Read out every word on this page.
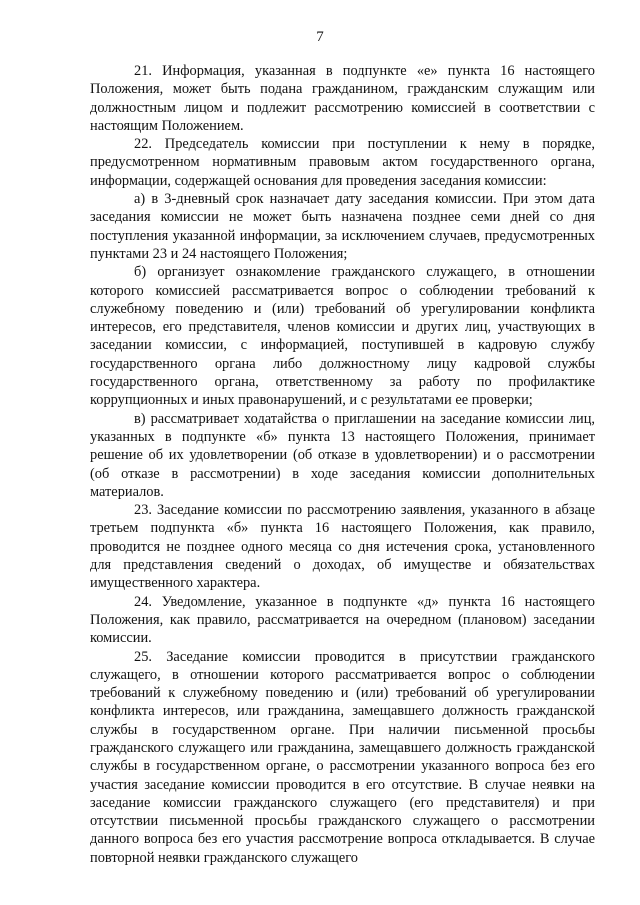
7

21. Информация, указанная в подпункте «е» пункта 16 настоящего Положения, может быть подана гражданином, гражданским служащим или должностным лицом и подлежит рассмотрению комиссией в соответствии с настоящим Положением.

22. Председатель комиссии при поступлении к нему в порядке, предусмотренном нормативным правовым актом государственного органа, информации, содержащей основания для проведения заседания комиссии:

а) в 3-дневный срок назначает дату заседания комиссии. При этом дата заседания комиссии не может быть назначена позднее семи дней со дня поступления указанной информации, за исключением случаев, предусмотренных пунктами 23 и 24 настоящего Положения;

б) организует ознакомление гражданского служащего, в отношении которого комиссией рассматривается вопрос о соблюдении требований к служебному поведению и (или) требований об урегулировании конфликта интересов, его представителя, членов комиссии и других лиц, участвующих в заседании комиссии, с информацией, поступившей в кадровую службу государственного органа либо должностному лицу кадровой службы государственного органа, ответственному за работу по профилактике коррупционных и иных правонарушений, и с результатами ее проверки;

в) рассматривает ходатайства о приглашении на заседание комиссии лиц, указанных в подпункте «б» пункта 13 настоящего Положения, принимает решение об их удовлетворении (об отказе в удовлетворении) и о рассмотрении (об отказе в рассмотрении) в ходе заседания комиссии дополнительных материалов.

23. Заседание комиссии по рассмотрению заявления, указанного в абзаце третьем подпункта «б» пункта 16 настоящего Положения, как правило, проводится не позднее одного месяца со дня истечения срока, установленного для представления сведений о доходах, об имуществе и обязательствах имущественного характера.

24. Уведомление, указанное в подпункте «д» пункта 16 настоящего Положения, как правило, рассматривается на очередном (плановом) заседании комиссии.

25. Заседание комиссии проводится в присутствии гражданского служащего, в отношении которого рассматривается вопрос о соблюдении требований к служебному поведению и (или) требований об урегулировании конфликта интересов, или гражданина, замещавшего должность гражданской службы в государственном органе. При наличии письменной просьбы гражданского служащего или гражданина, замещавшего должность гражданской службы в государственном органе, о рассмотрении указанного вопроса без его участия заседание комиссии проводится в его отсутствие. В случае неявки на заседание комиссии гражданского служащего (его представителя) и при отсутствии письменной просьбы гражданского служащего о рассмотрении данного вопроса без его участия рассмотрение вопроса откладывается. В случае повторной неявки гражданского служащего
